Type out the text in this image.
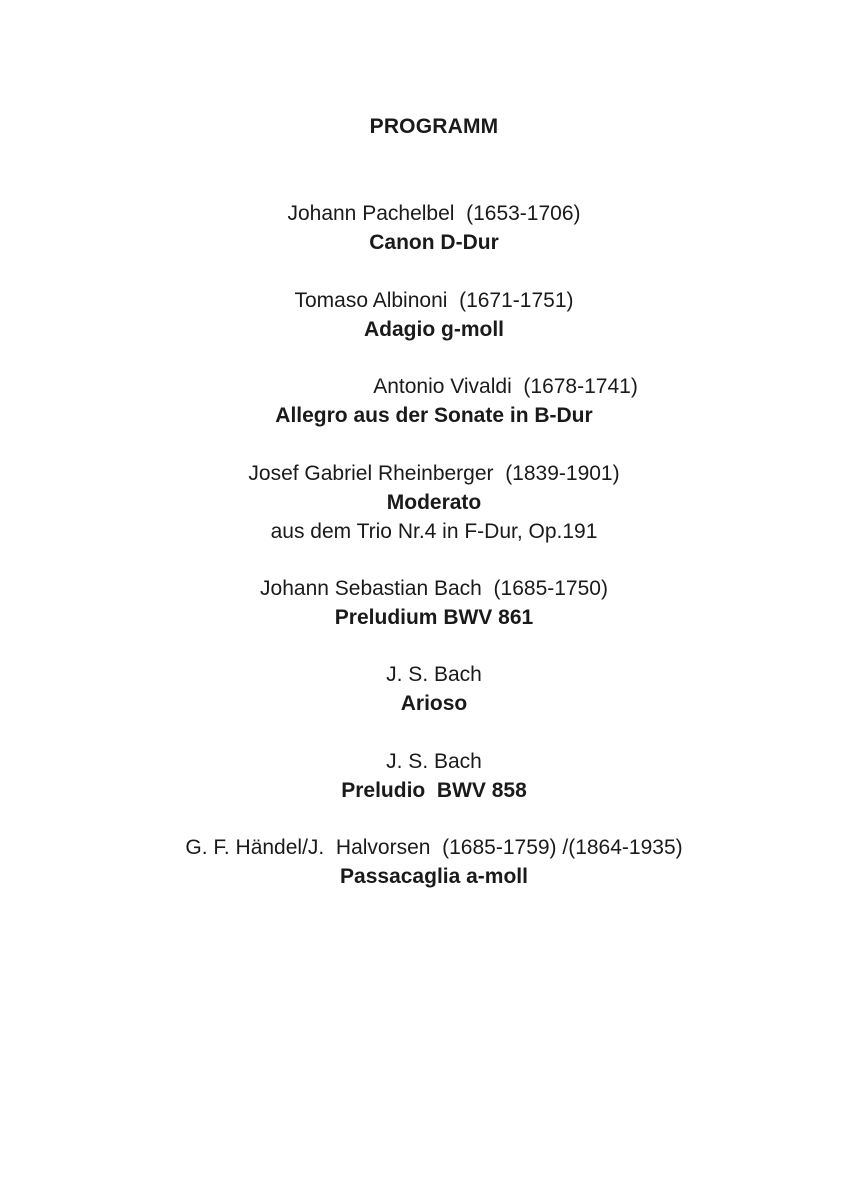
PROGRAMM
Johann Pachelbel  (1653-1706)
Canon D-Dur
Tomaso Albinoni  (1671-1751)
Adagio g-moll
Antonio Vivaldi  (1678-1741)
Allegro aus der Sonate in B-Dur
Josef Gabriel Rheinberger  (1839-1901)
Moderato
aus dem Trio Nr.4 in F-Dur, Op.191
Johann Sebastian Bach  (1685-1750)
Preludium BWV 861
J. S. Bach
Arioso
J. S. Bach
Preludio  BWV 858
G. F. Händel/J.  Halvorsen  (1685-1759) /(1864-1935)
Passacaglia a-moll
